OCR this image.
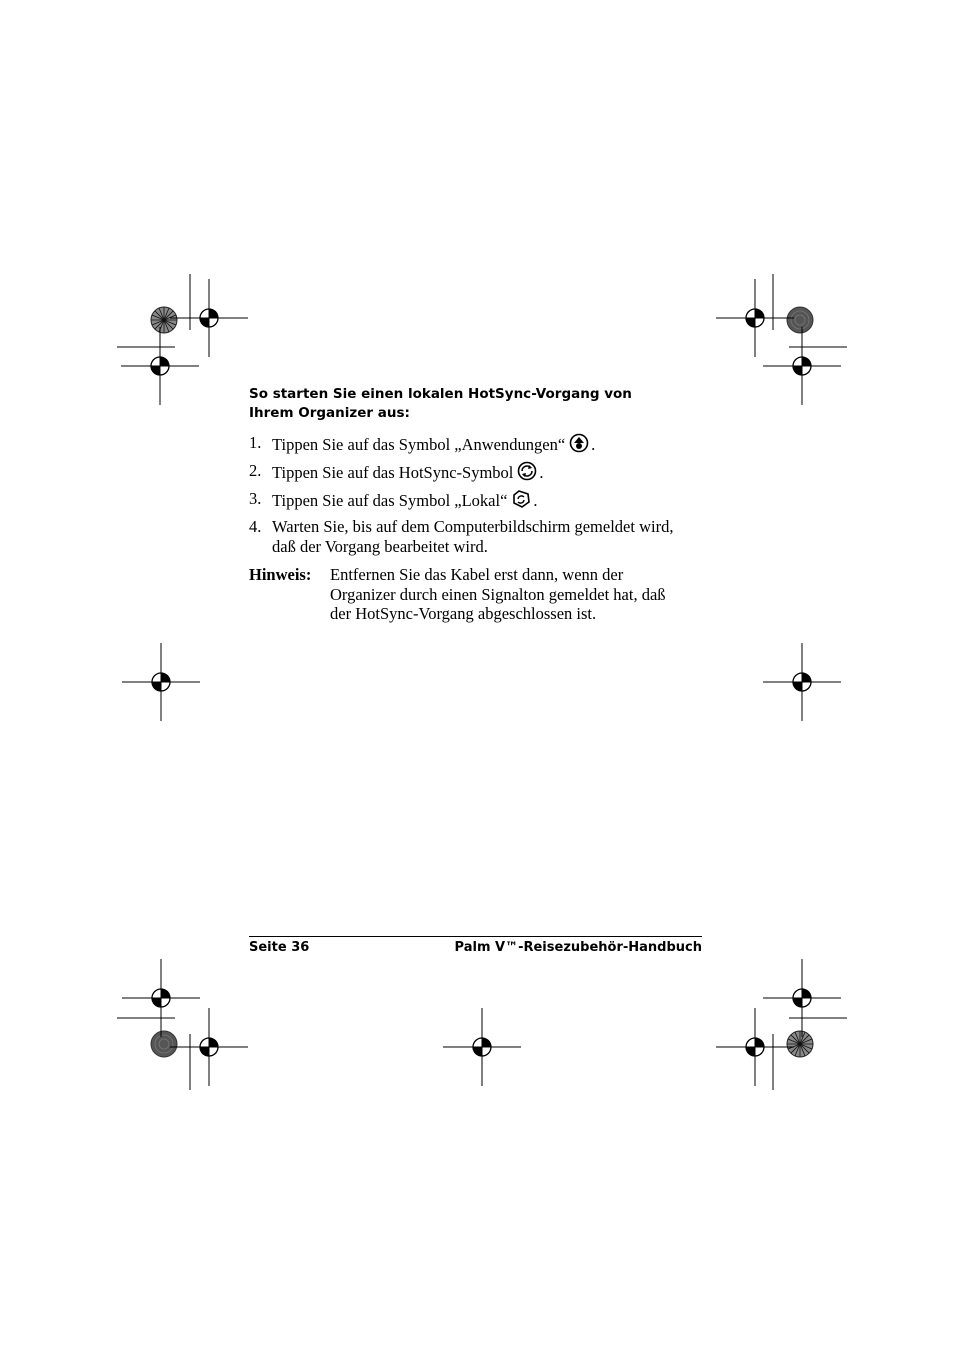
So starten Sie einen lokalen HotSync-Vorgang von Ihrem Organizer aus:
1. Tippen Sie auf das Symbol „Anwendungen“ .
2. Tippen Sie auf das HotSync-Symbol .
3. Tippen Sie auf das Symbol „Lokal“ .
4. Warten Sie, bis auf dem Computerbildschirm gemeldet wird, daß der Vorgang bearbeitet wird.
Hinweis: Entfernen Sie das Kabel erst dann, wenn der Organizer durch einen Signalton gemeldet hat, daß der HotSync-Vorgang abgeschlossen ist.
Seite 36	Palm V™-Reisezubehör-Handbuch
